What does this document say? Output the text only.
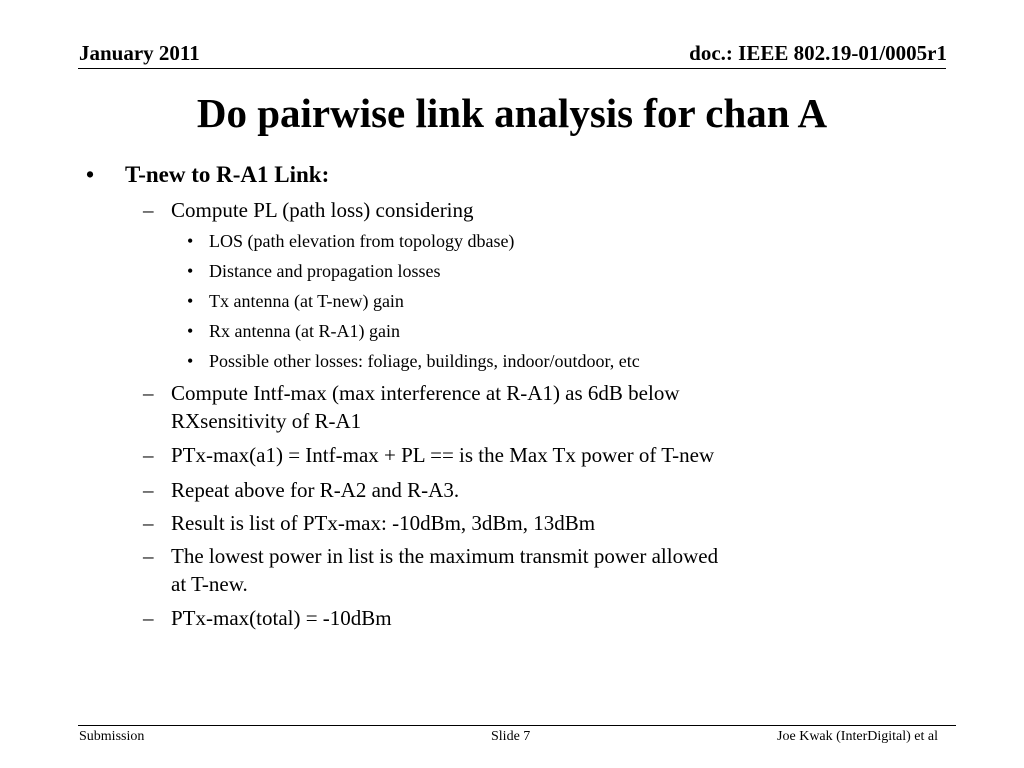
January 2011	doc.: IEEE 802.19-01/0005r1
Do pairwise link analysis for chan A
• T-new to R-A1 Link:
– Compute PL (path loss) considering
• LOS (path elevation from topology dbase)
• Distance and propagation losses
• Tx antenna (at T-new) gain
• Rx antenna (at R-A1) gain
• Possible other losses: foliage, buildings, indoor/outdoor, etc
– Compute Intf-max (max interference at R-A1) as 6dB below
RXsensitivity of R-A1
– PTx-max(a1) = Intf-max + PL == is the Max Tx power of T-new
– Repeat above for R-A2 and R-A3.
– Result is list of PTx-max: -10dBm, 3dBm, 13dBm
– The lowest power in list is the maximum transmit power allowed
at T-new.
– PTx-max(total) = -10dBm
Submission	Slide 7	Joe Kwak (InterDigital) et al
